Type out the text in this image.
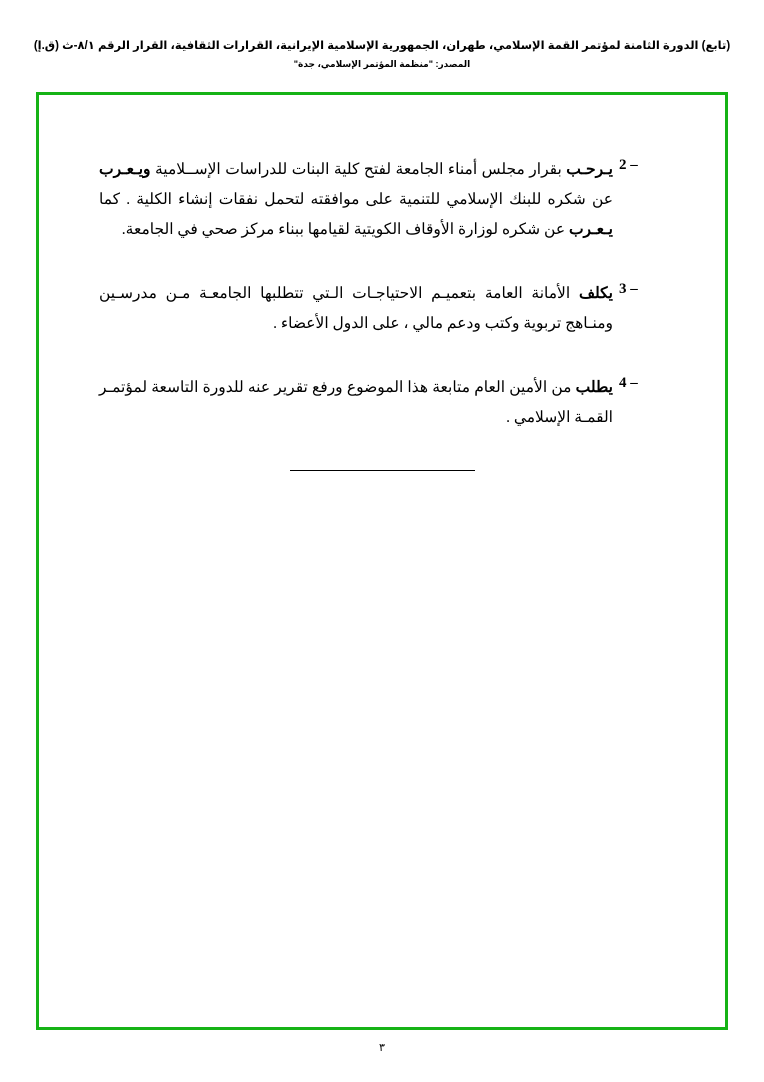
(تابع) الدورة الثامنة لمؤتمر القمة الإسلامي، طهران، الجمهورية الإسلامية الإيرانية، القرارات الثقافية، القرار الرقم ٨/١-ث (ق.إ)
المصدر: "منظمة المؤتمر الإسلامي، جدة"
2 –
يـرحـب بقرار مجلس أمناء الجامعة لفتح كلية البنات للدراسات الإســلامية ويـعـرب عن شكره للبنك الإسلامي للتنمية على موافقته لتحمل نفقات إنشاء الكلية . كما يـعـرب عن شكره لوزارة الأوقاف الكويتية لقيامها ببناء مركز صحي في الجامعة.
3 –
يكلف الأمانة العامة بتعميـم الاحتياجـات الـتي تتطلبها الجامعـة مـن مدرسـين ومنـاهج تربوية وكتب ودعم مالي ، على الدول الأعضاء .
4 –
يطلب من الأمين العام متابعة هذا الموضوع ورفع تقرير عنه للدورة التاسعة لمؤتمـر القمـة الإسلامي .
٣
